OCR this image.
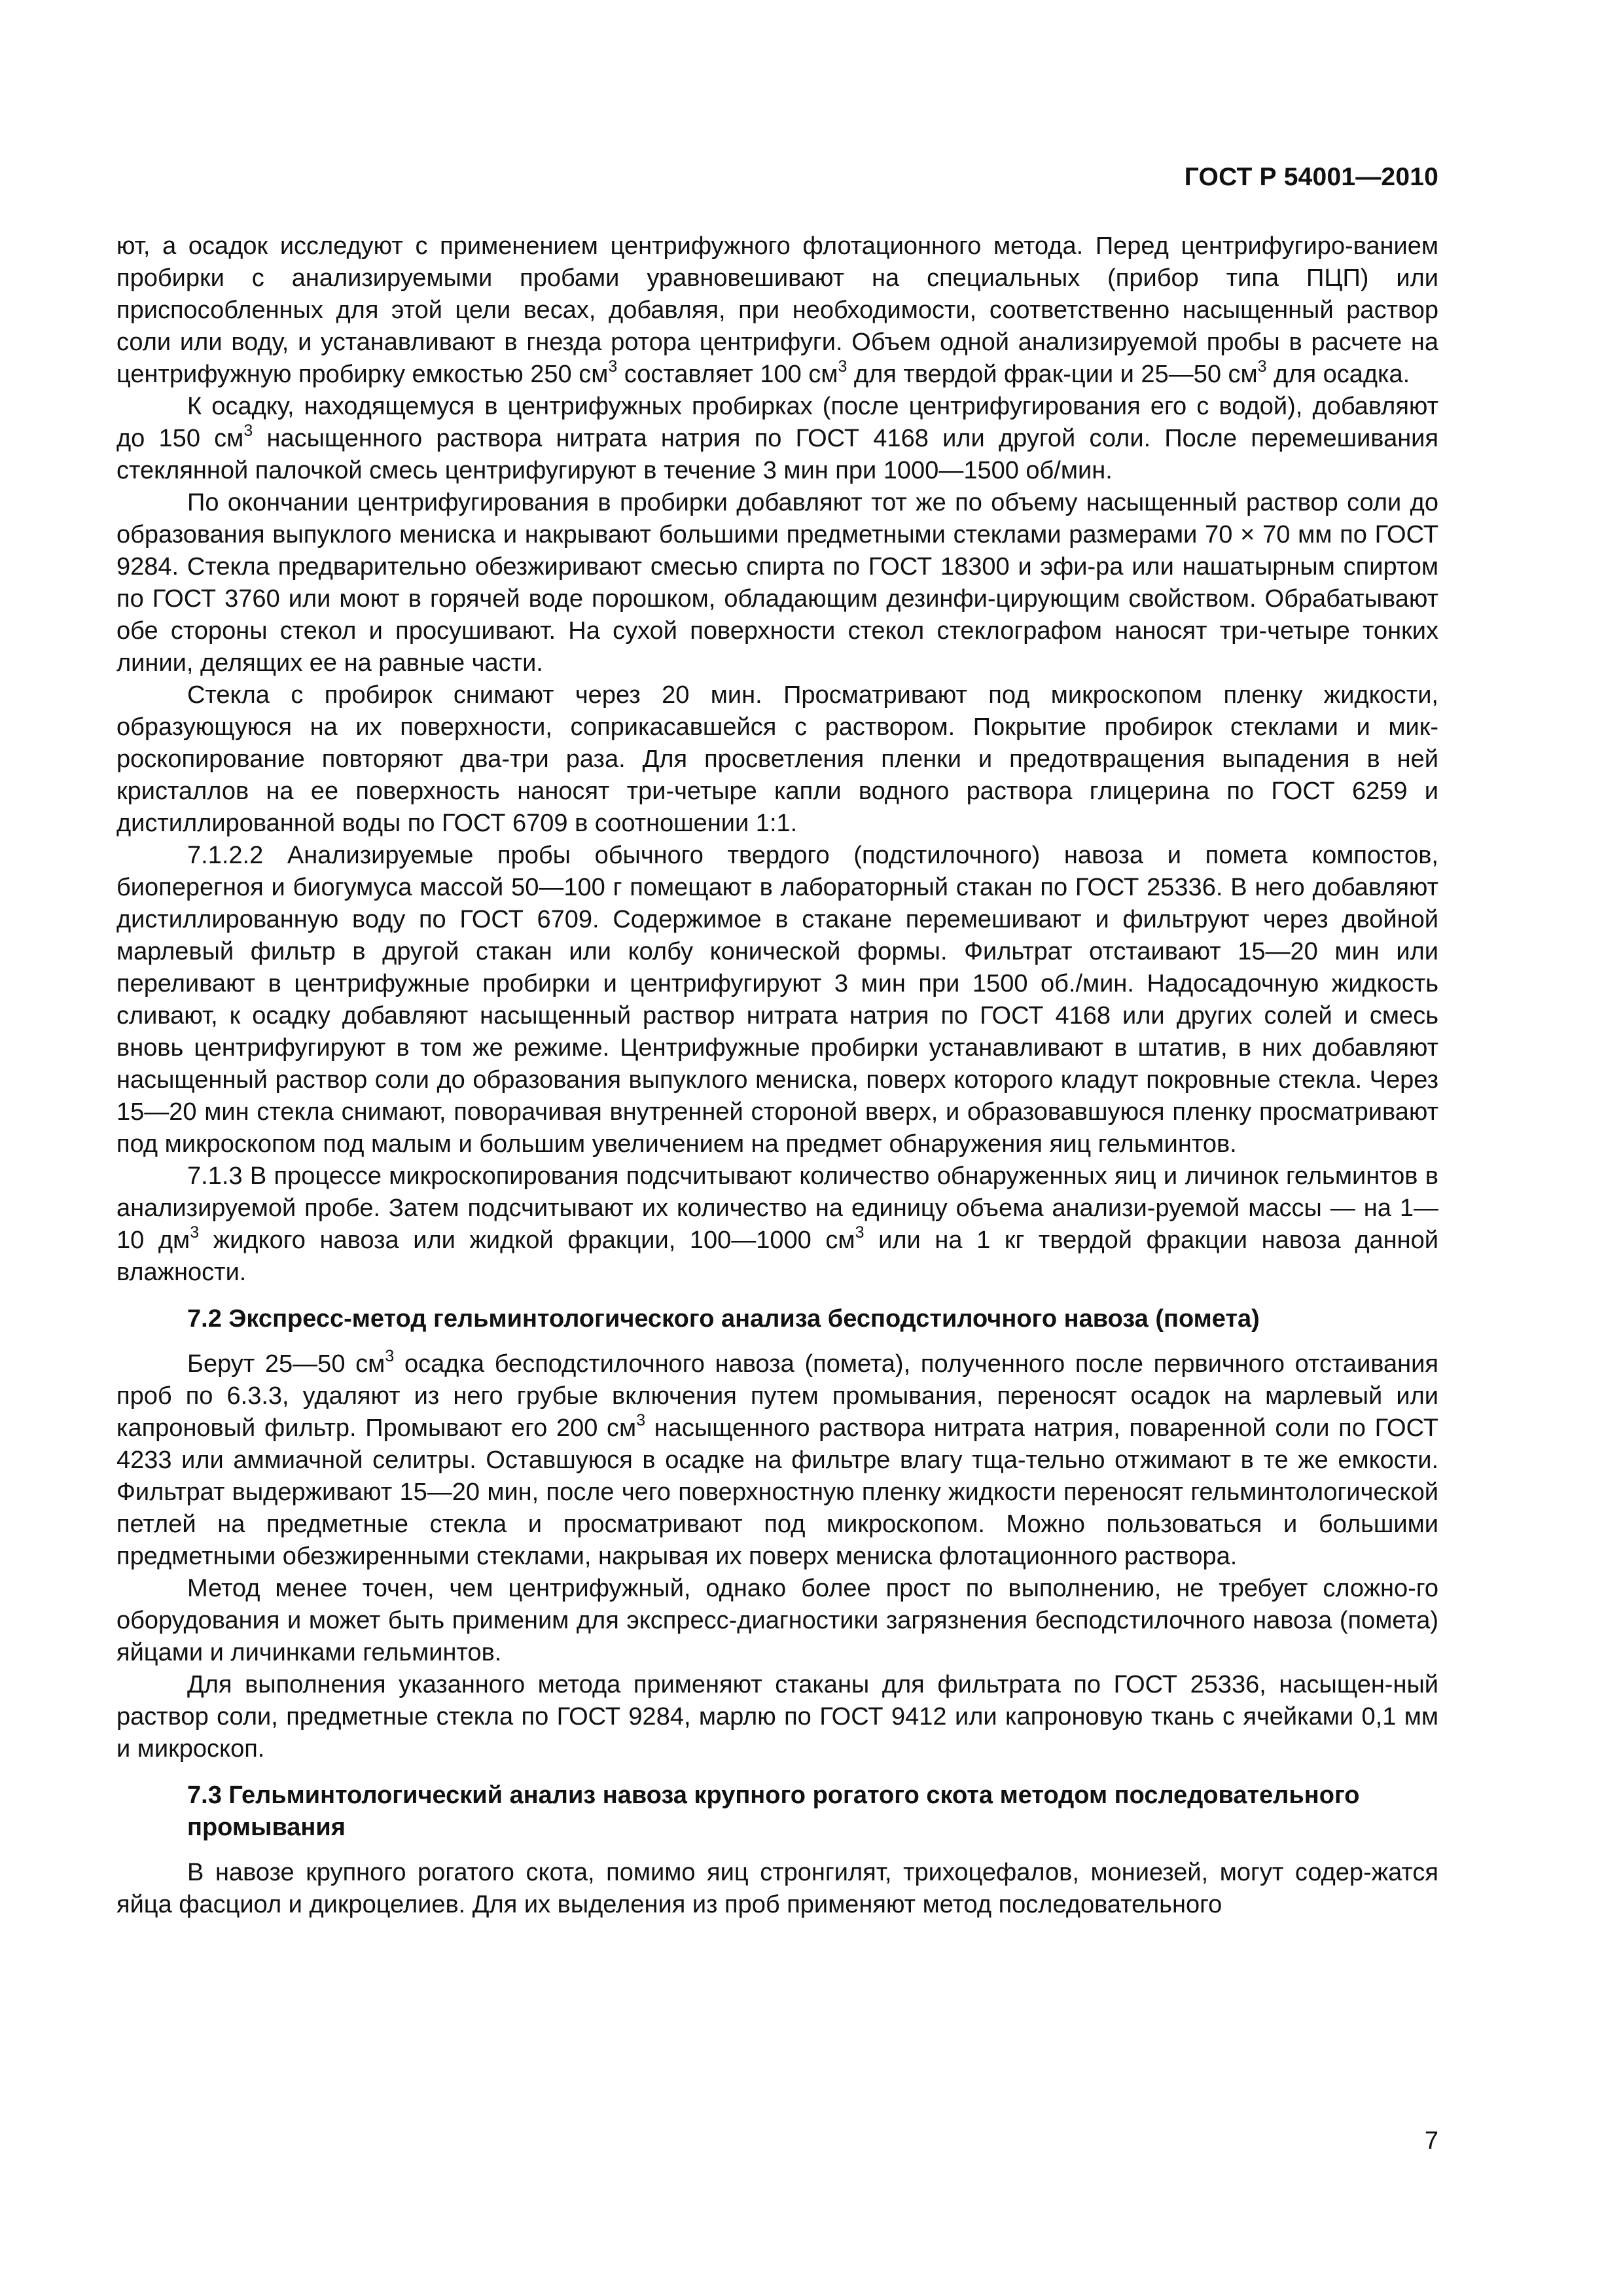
ГОСТ Р 54001—2010

ют, а осадок исследуют с применением центрифужного флотационного метода. Перед центрифугиро-ванием пробирки с анализируемыми пробами уравновешивают на специальных (прибор типа ПЦП) или приспособленных для этой цели весах, добавляя, при необходимости, соответственно насыщенный раствор соли или воду, и устанавливают в гнезда ротора центрифуги. Объем одной анализируемой пробы в расчете на центрифужную пробирку емкостью 250 $см^3$ составляет 100 $см^3$ для твердой фрак-ции и 25—50 $см^3$ для осадка.

К осадку, находящемуся в центрифужных пробирках (после центрифугирования его с водой), добавляют до 150 $см^3$ насыщенного раствора нитрата натрия по ГОСТ 4168 или другой соли. После перемешивания стеклянной палочкой смесь центрифугируют в течение 3 мин при 1000—1500 об/мин.

По окончании центрифугирования в пробирки добавляют тот же по объему насыщенный раствор соли до образования выпуклого мениска и накрывают большими предметными стеклами размерами 70 × 70 мм по ГОСТ 9284. Стекла предварительно обезжиривают смесью спирта по ГОСТ 18300 и эфи-ра или нашатырным спиртом по ГОСТ 3760 или моют в горячей воде порошком, обладающим дезинфи-цирующим свойством. Обрабатывают обе стороны стекол и просушивают. На сухой поверхности стекол стеклографом наносят три-четыре тонких линии, делящих ее на равные части.

Стекла с пробирок снимают через 20 мин. Просматривают под микроскопом пленку жидкости, образующуюся на их поверхности, соприкасавшейся с раствором. Покрытие пробирок стеклами и мик-роскопирование повторяют два-три раза. Для просветления пленки и предотвращения выпадения в ней кристаллов на ее поверхность наносят три-четыре капли водного раствора глицерина по ГОСТ 6259 и дистиллированной воды по ГОСТ 6709 в соотношении 1:1.

7.1.2.2 Анализируемые пробы обычного твердого (подстилочного) навоза и помета компостов, биоперегноя и биогумуса массой 50—100 г помещают в лабораторный стакан по ГОСТ 25336. В него добавляют дистиллированную воду по ГОСТ 6709. Содержимое в стакане перемешивают и фильтруют через двойной марлевый фильтр в другой стакан или колбу конической формы. Фильтрат отстаивают 15—20 мин или переливают в центрифужные пробирки и центрифугируют 3 мин при 1500 об./мин. Надосадочную жидкость сливают, к осадку добавляют насыщенный раствор нитрата натрия по ГОСТ 4168 или других солей и смесь вновь центрифугируют в том же режиме. Центрифужные пробирки устанавливают в штатив, в них добавляют насыщенный раствор соли до образования выпуклого мениска, поверх которого кладут покровные стекла. Через 15—20 мин стекла снимают, поворачивая внутренней стороной вверх, и образовавшуюся пленку просматривают под микроскопом под малым и большим увеличением на предмет обнаружения яиц гельминтов.

7.1.3 В процессе микроскопирования подсчитывают количество обнаруженных яиц и личинок гельминтов в анализируемой пробе. Затем подсчитывают их количество на единицу объема анализи-руемой массы — на 1—10 $дм^3$ жидкого навоза или жидкой фракции, 100—1000 $см^3$ или на 1 кг твердой фракции навоза данной влажности.

7.2 Экспресс-метод гельминтологического анализа бесподстилочного навоза (помета)

Берут 25—50 $см^3$ осадка бесподстилочного навоза (помета), полученного после первичного отстаивания проб по 6.3.3, удаляют из него грубые включения путем промывания, переносят осадок на марлевый или капроновый фильтр. Промывают его 200 $см^3$ насыщенного раствора нитрата натрия, поваренной соли по ГОСТ 4233 или аммиачной селитры. Оставшуюся в осадке на фильтре влагу тща-тельно отжимают в те же емкости. Фильтрат выдерживают 15—20 мин, после чего поверхностную пленку жидкости переносят гельминтологической петлей на предметные стекла и просматривают под микроскопом. Можно пользоваться и большими предметными обезжиренными стеклами, накрывая их поверх мениска флотационного раствора.

Метод менее точен, чем центрифужный, однако более прост по выполнению, не требует сложно-го оборудования и может быть применим для экспресс-диагностики загрязнения бесподстилочного навоза (помета) яйцами и личинками гельминтов.

Для выполнения указанного метода применяют стаканы для фильтрата по ГОСТ 25336, насыщен-ный раствор соли, предметные стекла по ГОСТ 9284, марлю по ГОСТ 9412 или капроновую ткань с ячейками 0,1 мм и микроскоп.

7.3 Гельминтологический анализ навоза крупного рогатого скота методом последовательного промывания

В навозе крупного рогатого скота, помимо яиц стронгилят, трихоцефалов, мониезей, могут содер-жатся яйца фасциол и дикроцелиев. Для их выделения из проб применяют метод последовательного

7
